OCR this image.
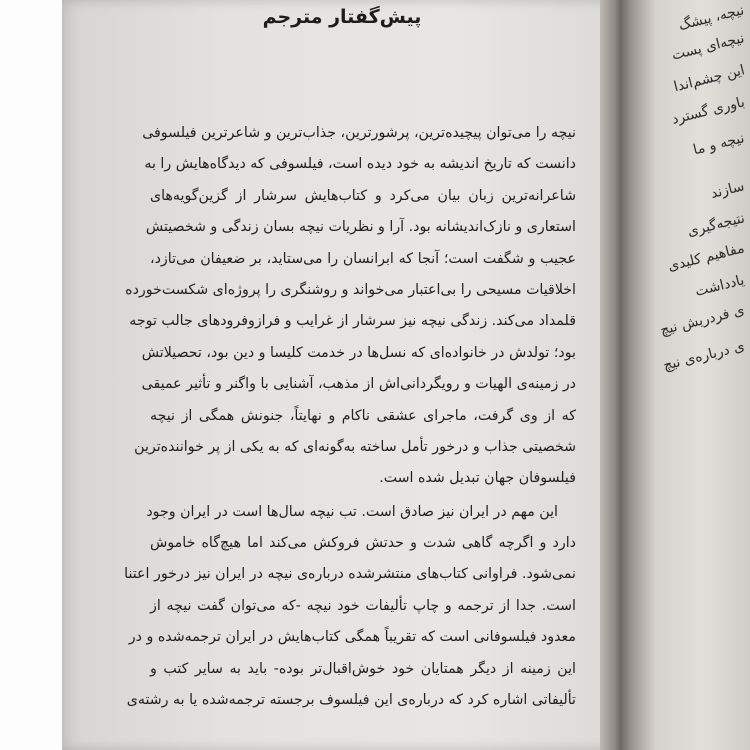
نیچه، پیشگ
نیچه‌ای پست
این چشم‌اندا
باوری گسترد
نیچه و ما
سازند
نتیجه‌گیری
مفاهیم کلیدی
یادداشت
ی فردریش نیچ
ی درباره‌ی نیچ
پیش‌گفتار مترجم
نیچه را می‌توان پیچیده‌ترین، پرشورترین، جذاب‌ترین و شاعرترین فیلسوفی
دانست که تاریخ اندیشه به خود دیده است، فیلسوفی که دیدگاه‌هایش را به
شاعرانه‌ترین زبان بیان می‌کرد و کتاب‌هایش سرشار از گزین‌گویه‌های
استعاری و نازک‌اندیشانه بود. آرا و نظریات نیچه بسان زندگی و شخصیتش
عجیب و شگفت است؛ آنجا که ابرانسان را می‌ستاید، بر ضعیفان می‌تازد،
اخلاقیات مسیحی را بی‌اعتبار می‌خواند و روشنگری را پروژه‌ای شکست‌خورده
قلمداد می‌کند. زندگی نیچه نیز سرشار از غرایب و فرازوفرودهای جالب توجه
بود؛ تولدش در خانواده‌ای که نسل‌ها در خدمت کلیسا و دین بود، تحصیلاتش
در زمینه‌ی الهیات و رویگردانی‌اش از مذهب، آشنایی با واگنر و تأثیر عمیقی
که از وی گرفت، ماجرای عشقی ناکام و نهایتاً، جنونش همگی از نیچه
شخصیتی جذاب و درخور تأمل ساخته به‌گونه‌ای که به یکی از پر خواننده‌ترین
فیلسوفان جهان تبدیل شده است.
این مهم در ایران نیز صادق است. تب نیچه سال‌ها است در ایران وجود
دارد و اگرچه گاهی شدت و حدتش فروکش می‌کند اما هیچ‌گاه خاموش
نمی‌شود. فراوانی کتاب‌های منتشرشده درباره‌ی نیچه در ایران نیز درخور اعتنا
است. جدا از ترجمه و چاپ تألیفات خود نیچه -که می‌توان گفت نیچه از
معدود فیلسوفانی است که تقریباً همگی کتاب‌هایش در ایران ترجمه‌شده و در
این زمینه از دیگر همتایان خود خوش‌اقبال‌تر بوده- باید به سایر کتب و
تألیفاتی اشاره کرد که درباره‌ی این فیلسوف برجسته ترجمه‌شده یا به رشته‌ی
